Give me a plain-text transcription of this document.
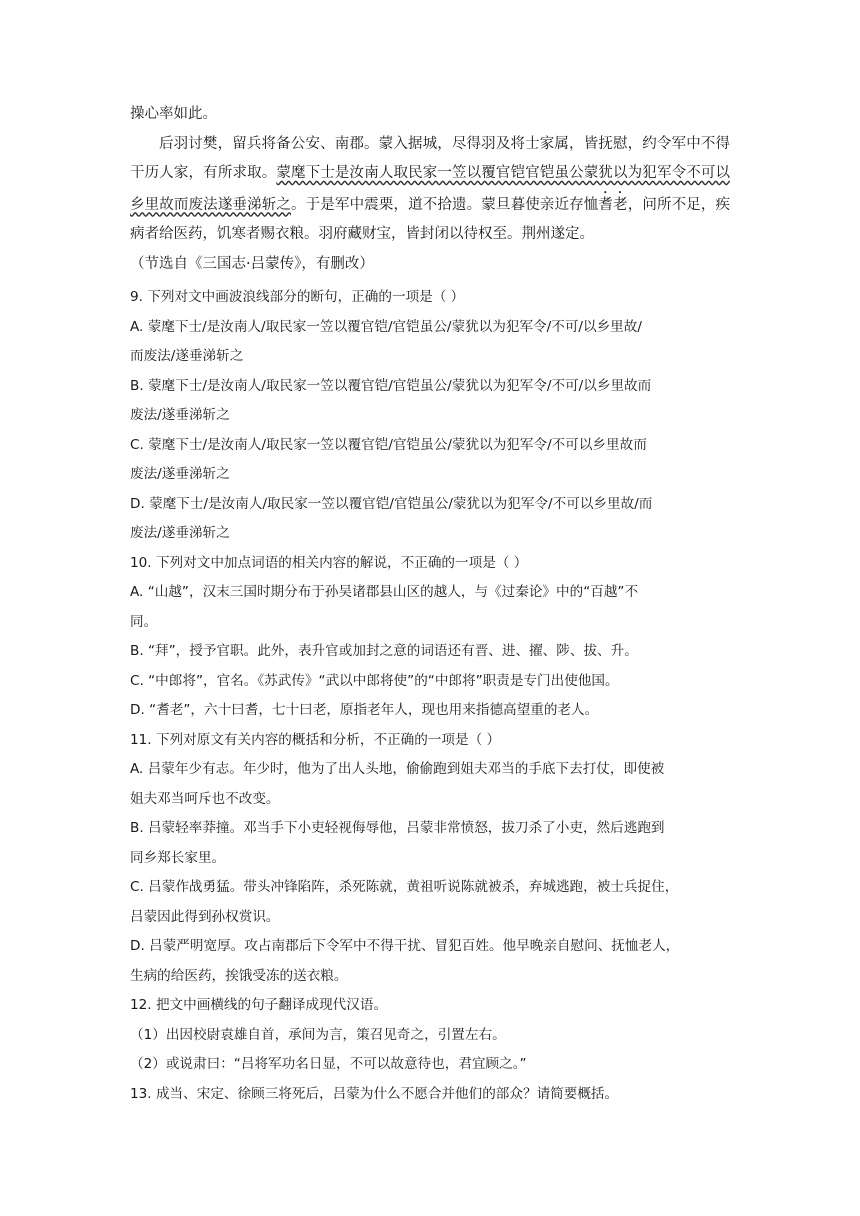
操心率如此。

后羽讨樊，留兵将备公安、南郡。蒙入据城，尽得羽及将士家属，皆抚慰，约令军中不得干历人家，有所求取。蒙麾下士是汝南人取民家一笠以覆官铠官铠虽公蒙犹以为犯军令不可以乡里故而废法遂垂涕斩之。于是军中震栗，道不拾遗。蒙旦暮使亲近存恤耆老，问所不足，疾病者给医药，饥寒者赐衣粮。羽府藏财宝，皆封闭以待权至。荆州遂定。

（节选自《三国志·吕蒙传》，有删改）

9. 下列对文中画波浪线部分的断句，正确的一项是（ ）

A. 蒙麾下士/是汝南人/取民家一笠以覆官铠/官铠虽公/蒙犹以为犯军令/不可/以乡里故/

而废法/遂垂涕斩之

B. 蒙麾下士/是汝南人/取民家一笠以覆官铠/官铠虽公/蒙犹以为犯军令/不可/以乡里故而

废法/遂垂涕斩之

C. 蒙麾下士/是汝南人/取民家一笠以覆官铠/官铠虽公/蒙犹以为犯军令/不可以乡里故而

废法/遂垂涕斩之

D. 蒙麾下士/是汝南人/取民家一笠以覆官铠/官铠虽公/蒙犹以为犯军令/不可以乡里故/而

废法/遂垂涕斩之

10. 下列对文中加点词语的相关内容的解说，不正确的一项是（ ）

A. “山越”，汉末三国时期分布于孙吴诸郡县山区的越人，与《过秦论》中的“百越”不

同。

B. “拜”，授予官职。此外，表升官或加封之意的词语还有晋、进、擢、陟、拔、升。

C. “中郎将”，官名。《苏武传》“武以中郎将使”的“中郎将”职责是专门出使他国。

D. “耆老”，六十曰耆，七十曰老，原指老年人，现也用来指德高望重的老人。

11. 下列对原文有关内容的概括和分析，不正确的一项是（ ）

A. 吕蒙年少有志。年少时，他为了出人头地，偷偷跑到姐夫邓当的手底下去打仗，即使被

姐夫邓当呵斥也不改变。

B. 吕蒙轻率莽撞。邓当手下小吏轻视侮辱他，吕蒙非常愤怒，拔刀杀了小吏，然后逃跑到

同乡郑长家里。

C. 吕蒙作战勇猛。带头冲锋陷阵，杀死陈就，黄祖听说陈就被杀，弃城逃跑，被士兵捉住，

吕蒙因此得到孙权赏识。

D. 吕蒙严明宽厚。攻占南郡后下令军中不得干扰、冒犯百姓。他早晚亲自慰问、抚恤老人，

生病的给医药，挨饿受冻的送衣粮。

12. 把文中画横线的句子翻译成现代汉语。

（1）出因校尉袁雄自首，承间为言，策召见奇之，引置左右。

（2）或说肃曰：“吕将军功名日显，不可以故意待也，君宜顾之。”

13. 成当、宋定、徐顾三将死后，吕蒙为什么不愿合并他们的部众？请简要概括。
